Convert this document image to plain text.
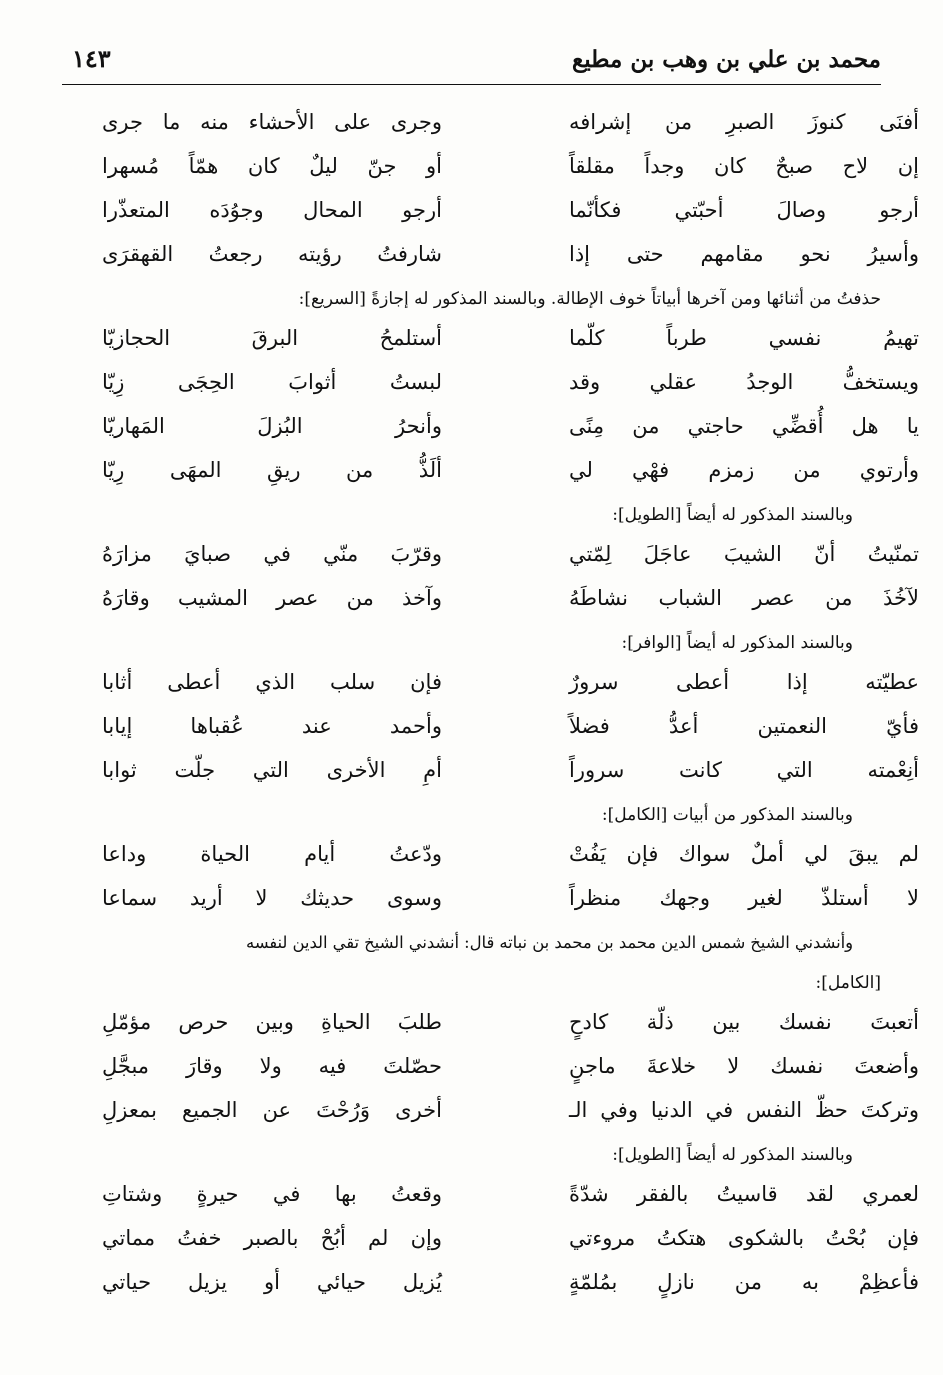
محمد بن علي بن وهب بن مطيع
١٤٣
أفنَى كنوزَ الصبرِ من إشرافه
وجرى على الأحشاء منه ما جرى
إن لاح صبحٌ كان وجداً مقلقاً
أو جنّ ليلٌ كان همّاً مُسهرا
أرجو وصالَ أحبّتي فكأنّما
أرجو المحال وجوُدَه المتعذّرا
وأسيرُ نحو مقامهم حتى إذا
شارفتُ رؤيته رجعتُ القهقرَى
حذفتُ من أثنائها ومن آخرها أبياتاً خوف الإطالة. وبالسند المذكور له إجازةً [السريع]:
تهيمُ نفسي طرباً كلّما
أستلمحُ البرقَ الحجازيّا
ويستخفُّ الوجدُ عقلي وقد
لبستُ أثوابَ الحِجَى زِيّا
يا هل أُقضِّي حاجتي من مِنًى
وأنحرُ البُزلَ المَهاريّا
وأرتوي من زمزم فهْي لي
ألَذُّ من ريقِ المهَى رِيّا
وبالسند المذكور له أيضاً [الطويل]:
تمنّيتُ أنّ الشيبَ عاجَلَ لِمّتي
وقرّبَ منّي في صبايَ مزارَهُ
لآخُذَ من عصر الشباب نشاطَهُ
وآخذ من عصر المشيب وقارَهُ
وبالسند المذكور له أيضاً [الوافر]:
عطيّته إذا أعطى سرورٌ
فإن سلب الذي أعطى أثابا
فأيّ النعمتين أعدُّ فضلاً
وأحمد عند عُقباها إيابا
أنِعْمته التي كانت سروراً
أمِ الأخرى التي جلّت ثوابا
وبالسند المذكور من أبيات [الكامل]:
لم يبقَ لي أملٌ سواك فإن يَفُتْ
ودّعتُ أيام الحياة وداعا
لا أستلذّ لغير وجهك منظراً
وسوى حديثك لا أريد سماعا
وأنشدني الشيخ شمس الدين محمد بن محمد بن نباته قال: أنشدني الشيخ تقي الدين لنفسه
[الكامل]:
أتعبتَ نفسك بين ذلّة كادحٍ
طلبَ الحياةِ وبين حرص مؤمّلِ
وأضعتَ نفسك لا خلاعةَ ماجنٍ
حصّلتَ فيه ولا وقارَ مبجَّلِ
وتركتَ حظّ النفس في الدنيا وفي الـ
أخرى وَرُحْتَ عن الجميع بمعزلِ
وبالسند المذكور له أيضاً [الطويل]:
لعمري لقد قاسيتُ بالفقر شدّةً
وقعتُ بها في حيرةٍ وشتاتِ
فإن بُحْتُ بالشكوى هتكتُ مروءتي
وإن لم أبُحْ بالصبر خفتُ مماتي
فأعظِمْ به من نازلٍ بمُلمّةٍ
يُزيل حيائي أو يزيل حياتي
